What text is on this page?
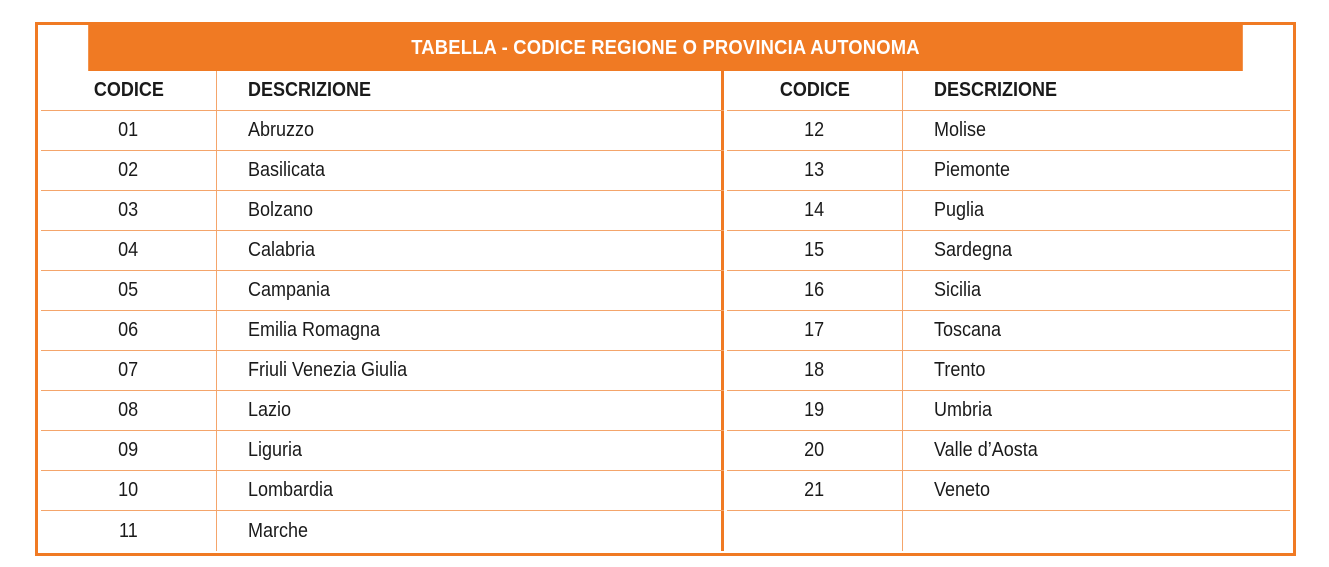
TABELLA - CODICE REGIONE O PROVINCIA AUTONOMA
CODICE	DESCRIZIONE
01	Abruzzo
02	Basilicata
03	Bolzano
04	Calabria
05	Campania
06	Emilia Romagna
07	Friuli Venezia Giulia
08	Lazio
09	Liguria
10	Lombardia
11	Marche
CODICE	DESCRIZIONE
12	Molise
13	Piemonte
14	Puglia
15	Sardegna
16	Sicilia
17	Toscana
18	Trento
19	Umbria
20	Valle d’Aosta
21	Veneto
